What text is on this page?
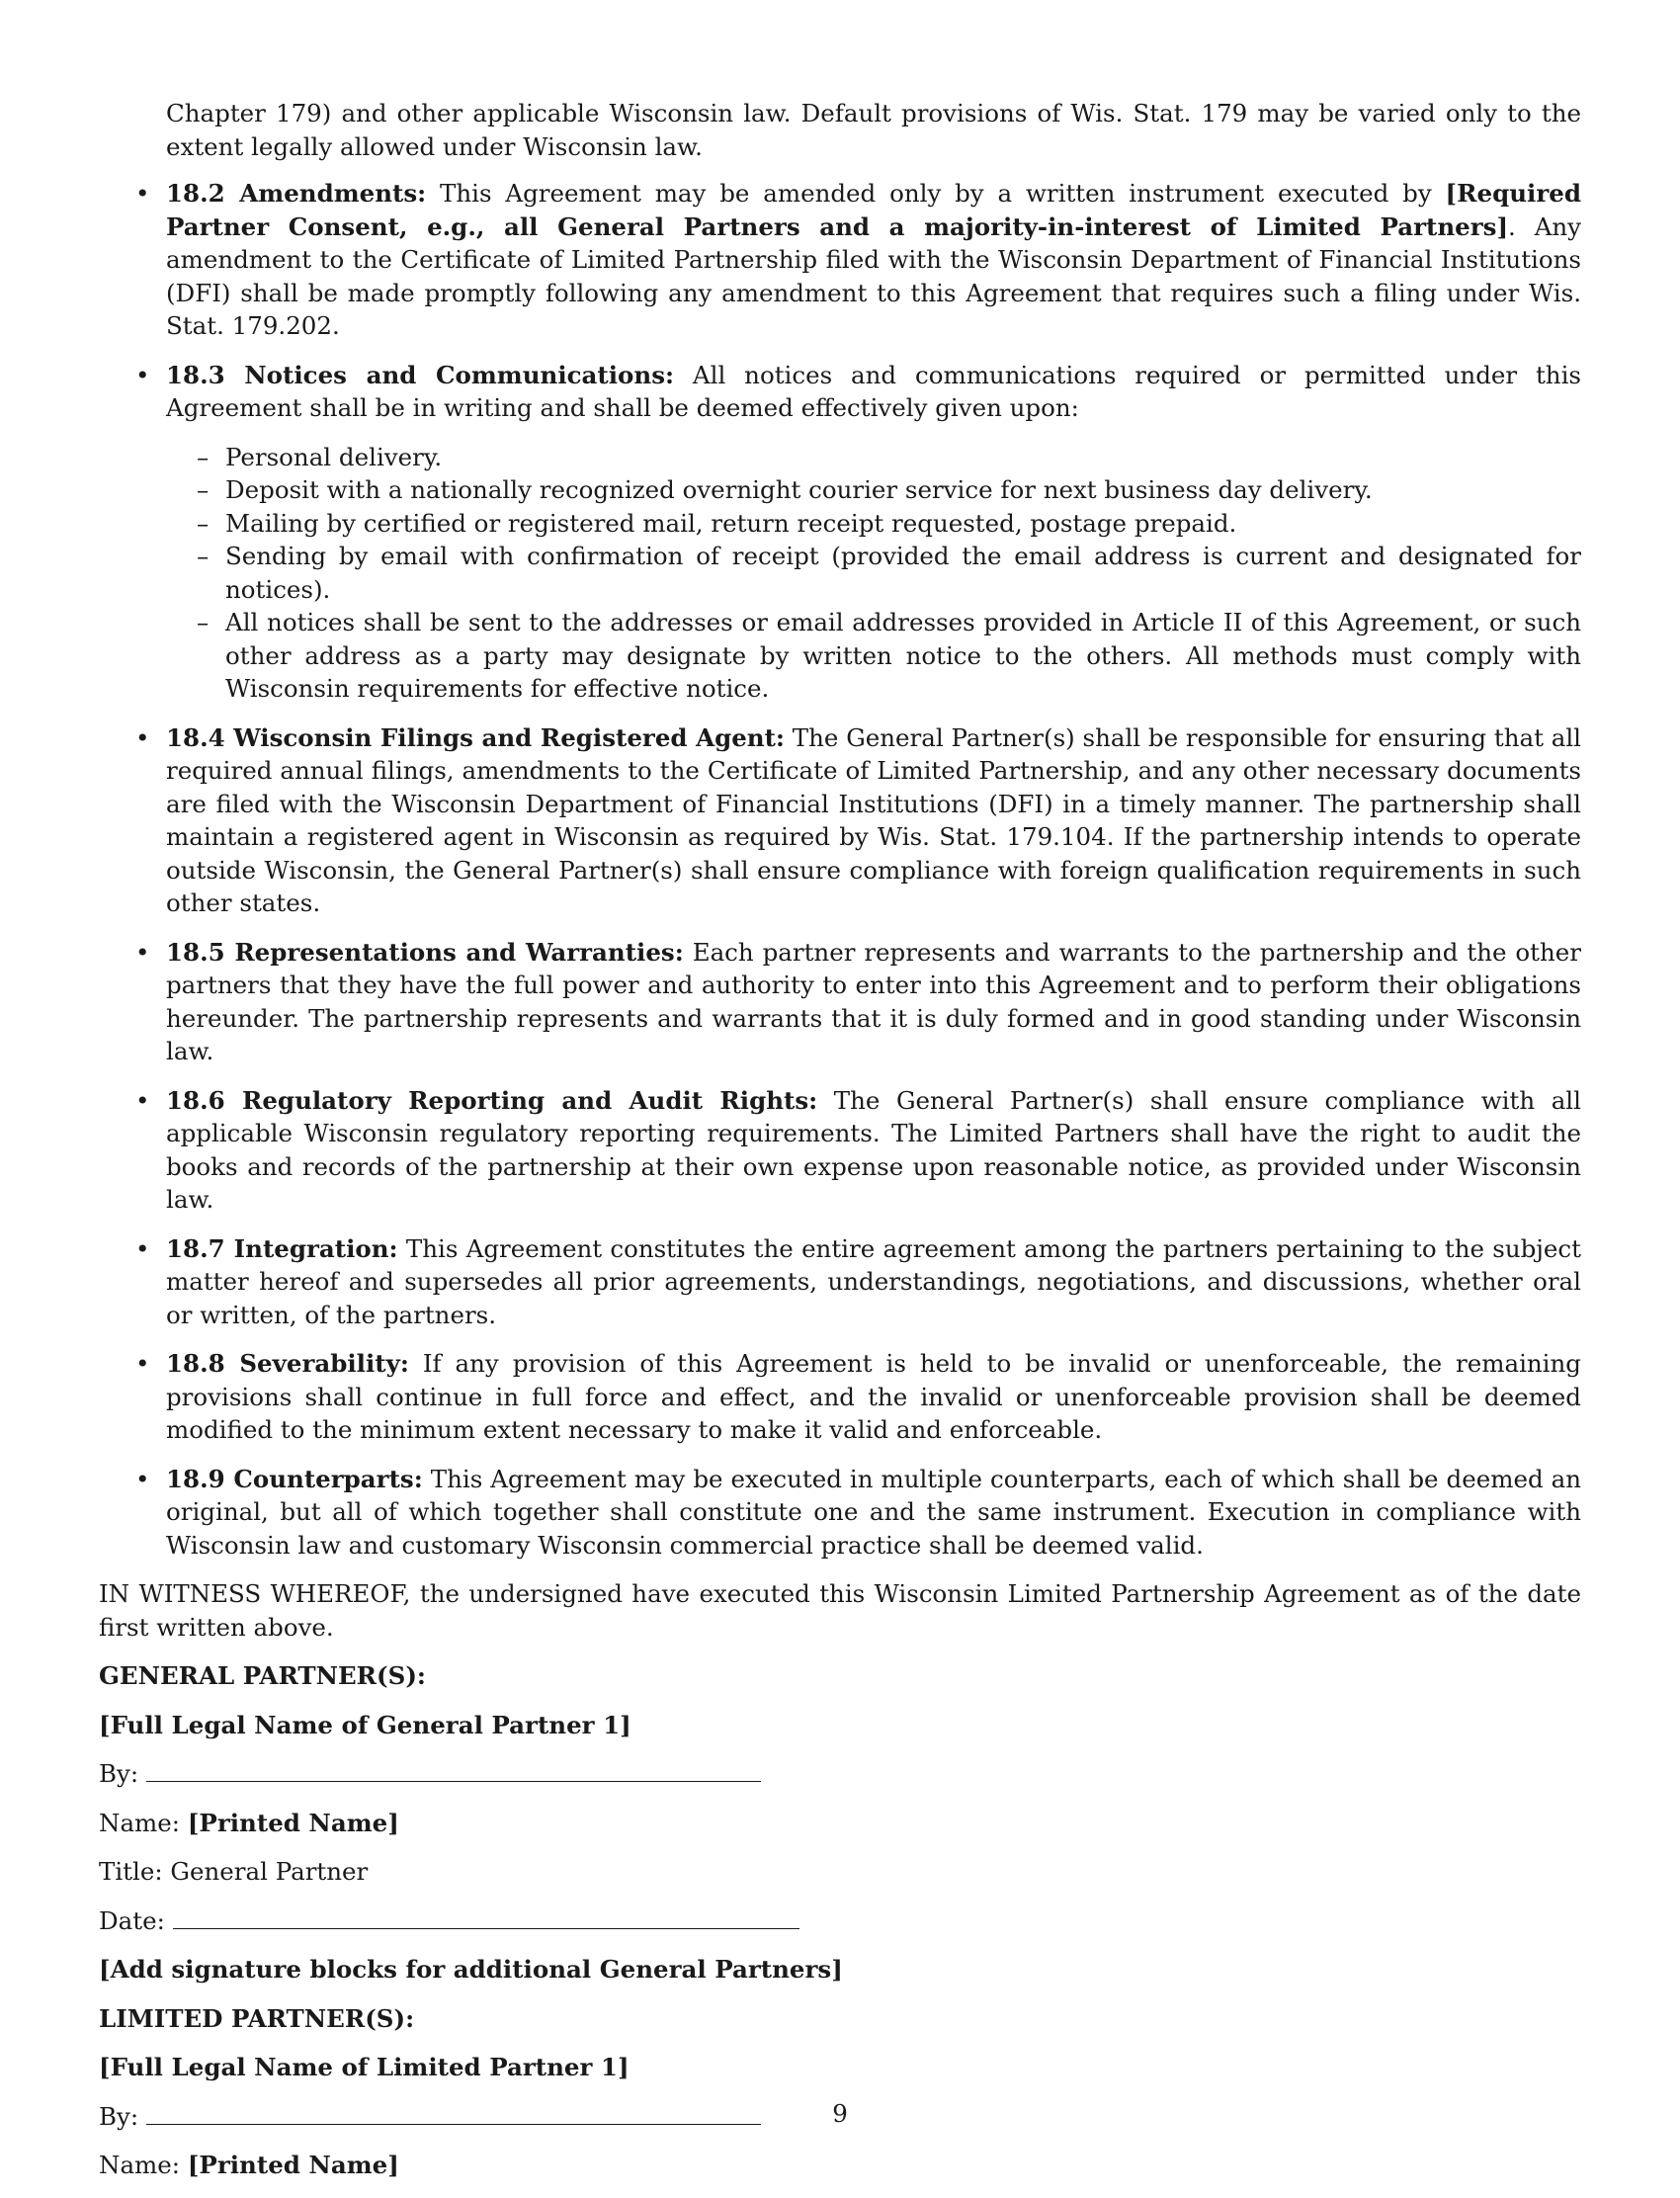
Chapter 179) and other applicable Wisconsin law. Default provisions of Wis. Stat. 179 may be varied only to the extent legally allowed under Wisconsin law.
• 18.2 Amendments: This Agreement may be amended only by a written instrument executed by [Required Partner Consent, e.g., all General Partners and a majority-in-interest of Limited Partners]. Any amendment to the Certificate of Limited Partnership filed with the Wisconsin Department of Financial Institutions (DFI) shall be made promptly following any amendment to this Agreement that requires such a filing under Wis. Stat. 179.202.
• 18.3 Notices and Communications: All notices and communications required or permitted under this Agreement shall be in writing and shall be deemed effectively given upon:
– Personal delivery.
– Deposit with a nationally recognized overnight courier service for next business day delivery.
– Mailing by certified or registered mail, return receipt requested, postage prepaid.
– Sending by email with confirmation of receipt (provided the email address is current and designated for notices).
– All notices shall be sent to the addresses or email addresses provided in Article II of this Agreement, or such other address as a party may designate by written notice to the others. All methods must comply with Wisconsin requirements for effective notice.
• 18.4 Wisconsin Filings and Registered Agent: The General Partner(s) shall be responsible for ensuring that all required annual filings, amendments to the Certificate of Limited Partnership, and any other necessary documents are filed with the Wisconsin Department of Financial Institutions (DFI) in a timely manner. The partnership shall maintain a registered agent in Wisconsin as required by Wis. Stat. 179.104. If the partnership intends to operate outside Wisconsin, the General Partner(s) shall ensure compliance with foreign qualification requirements in such other states.
• 18.5 Representations and Warranties: Each partner represents and warrants to the partnership and the other partners that they have the full power and authority to enter into this Agreement and to perform their obligations hereunder. The partnership represents and warrants that it is duly formed and in good standing under Wisconsin law.
• 18.6 Regulatory Reporting and Audit Rights: The General Partner(s) shall ensure compliance with all applicable Wisconsin regulatory reporting requirements. The Limited Partners shall have the right to audit the books and records of the partnership at their own expense upon reasonable notice, as provided under Wisconsin law.
• 18.7 Integration: This Agreement constitutes the entire agreement among the partners pertaining to the subject matter hereof and supersedes all prior agreements, understandings, negotiations, and discussions, whether oral or written, of the partners.
• 18.8 Severability: If any provision of this Agreement is held to be invalid or unenforceable, the remaining provisions shall continue in full force and effect, and the invalid or unenforceable provision shall be deemed modified to the minimum extent necessary to make it valid and enforceable.
• 18.9 Counterparts: This Agreement may be executed in multiple counterparts, each of which shall be deemed an original, but all of which together shall constitute one and the same instrument. Execution in compliance with Wisconsin law and customary Wisconsin commercial practice shall be deemed valid.

IN WITNESS WHEREOF, the undersigned have executed this Wisconsin Limited Partnership Agreement as of the date first written above.

GENERAL PARTNER(S):

[Full Legal Name of General Partner 1]

By:

Name: [Printed Name]

Title: General Partner

Date:

[Add signature blocks for additional General Partners]

LIMITED PARTNER(S):

[Full Legal Name of Limited Partner 1]

By:

Name: [Printed Name]

9
